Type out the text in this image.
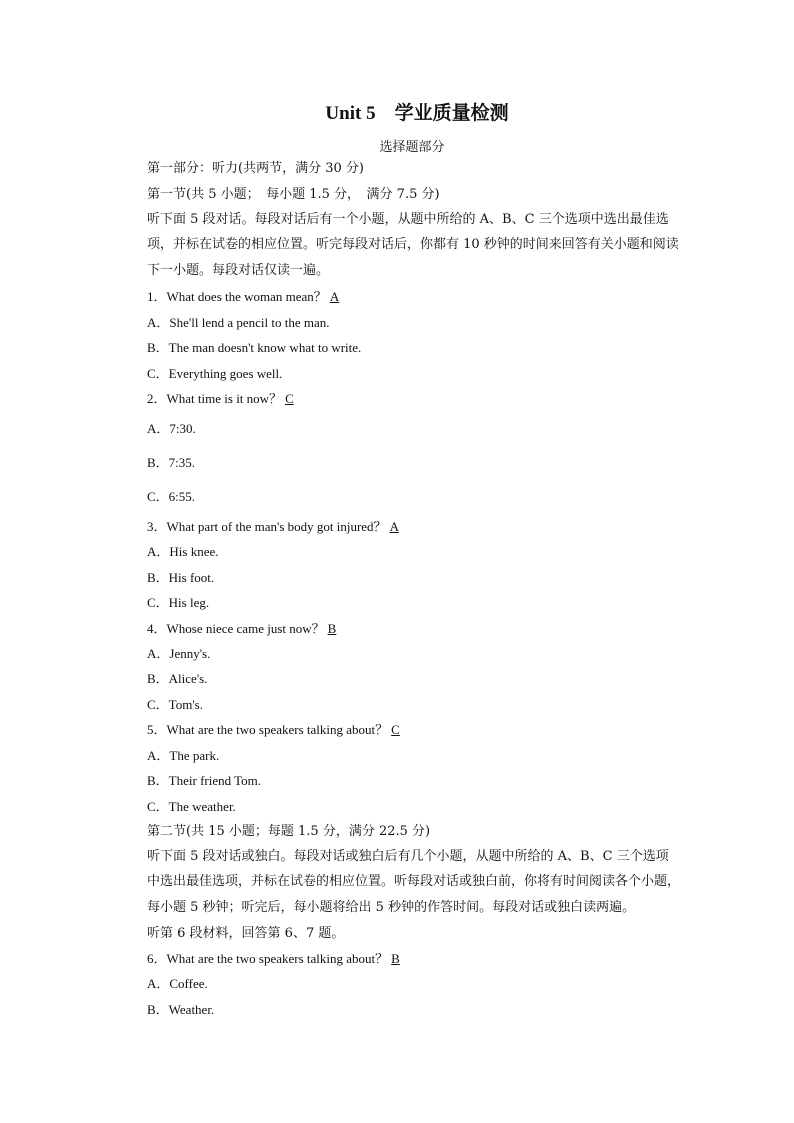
Unit 5　学业质量检测
选择题部分
第一部分：听力(共两节，满分 30 分)
第一节(共 5 小题；　每小题 1.5 分，　满分 7.5 分)
听下面 5 段对话。每段对话后有一个小题，从题中所给的 A、B、C 三个选项中选出最佳选项，并标在试卷的相应位置。听完每段对话后，你都有 10 秒钟的时间来回答有关小题和阅读下一小题。每段对话仅读一遍。
1．What does the woman mean？ A
A．She'll lend a pencil to the man.
B．The man doesn't know what to write.
C．Everything goes well.
2．What time is it now？ C
A．7:30.
B．7:35.
C．6:55.
3．What part of the man's body got injured？ A
A．His knee.
B．His foot.
C．His leg.
4．Whose niece came just now？ B
A．Jenny's.
B．Alice's.
C．Tom's.
5．What are the two speakers talking about？ C
A．The park.
B．Their friend Tom.
C．The weather.
第二节(共 15 小题；每题 1.5 分，满分 22.5 分)
听下面 5 段对话或独白。每段对话或独白后有几个小题，从题中所给的 A、B、C 三个选项中选出最佳选项，并标在试卷的相应位置。听每段对话或独白前，你将有时间阅读各个小题，每小题 5 秒钟；听完后，每小题将给出 5 秒钟的作答时间。每段对话或独白读两遍。
听第 6 段材料，回答第 6、7 题。
6．What are the two speakers talking about？ B
A．Coffee.
B．Weather.
